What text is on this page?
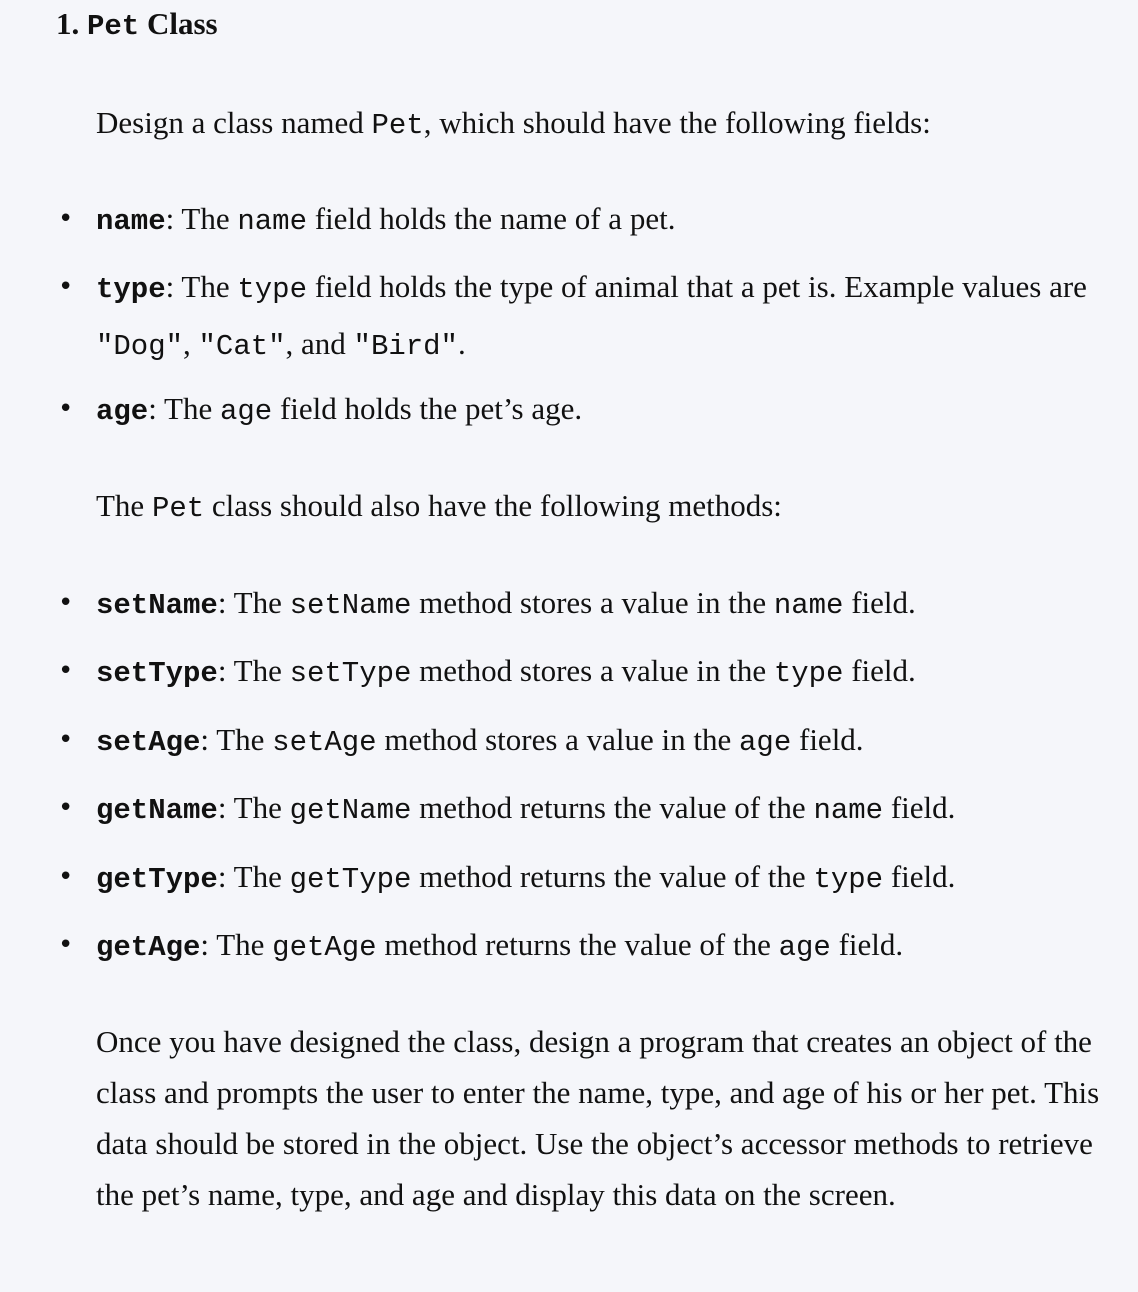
1. Pet Class

Design a class named Pet, which should have the following fields:

• name: The name field holds the name of a pet.
• type: The type field holds the type of animal that a pet is. Example values are "Dog", "Cat", and "Bird".
• age: The age field holds the pet’s age.

The Pet class should also have the following methods:

• setName: The setName method stores a value in the name field.
• setType: The setType method stores a value in the type field.
• setAge: The setAge method stores a value in the age field.
• getName: The getName method returns the value of the name field.
• getType: The getType method returns the value of the type field.
• getAge: The getAge method returns the value of the age field.

Once you have designed the class, design a program that creates an object of the class and prompts the user to enter the name, type, and age of his or her pet. This data should be stored in the object. Use the object’s accessor methods to retrieve the pet’s name, type, and age and display this data on the screen.
